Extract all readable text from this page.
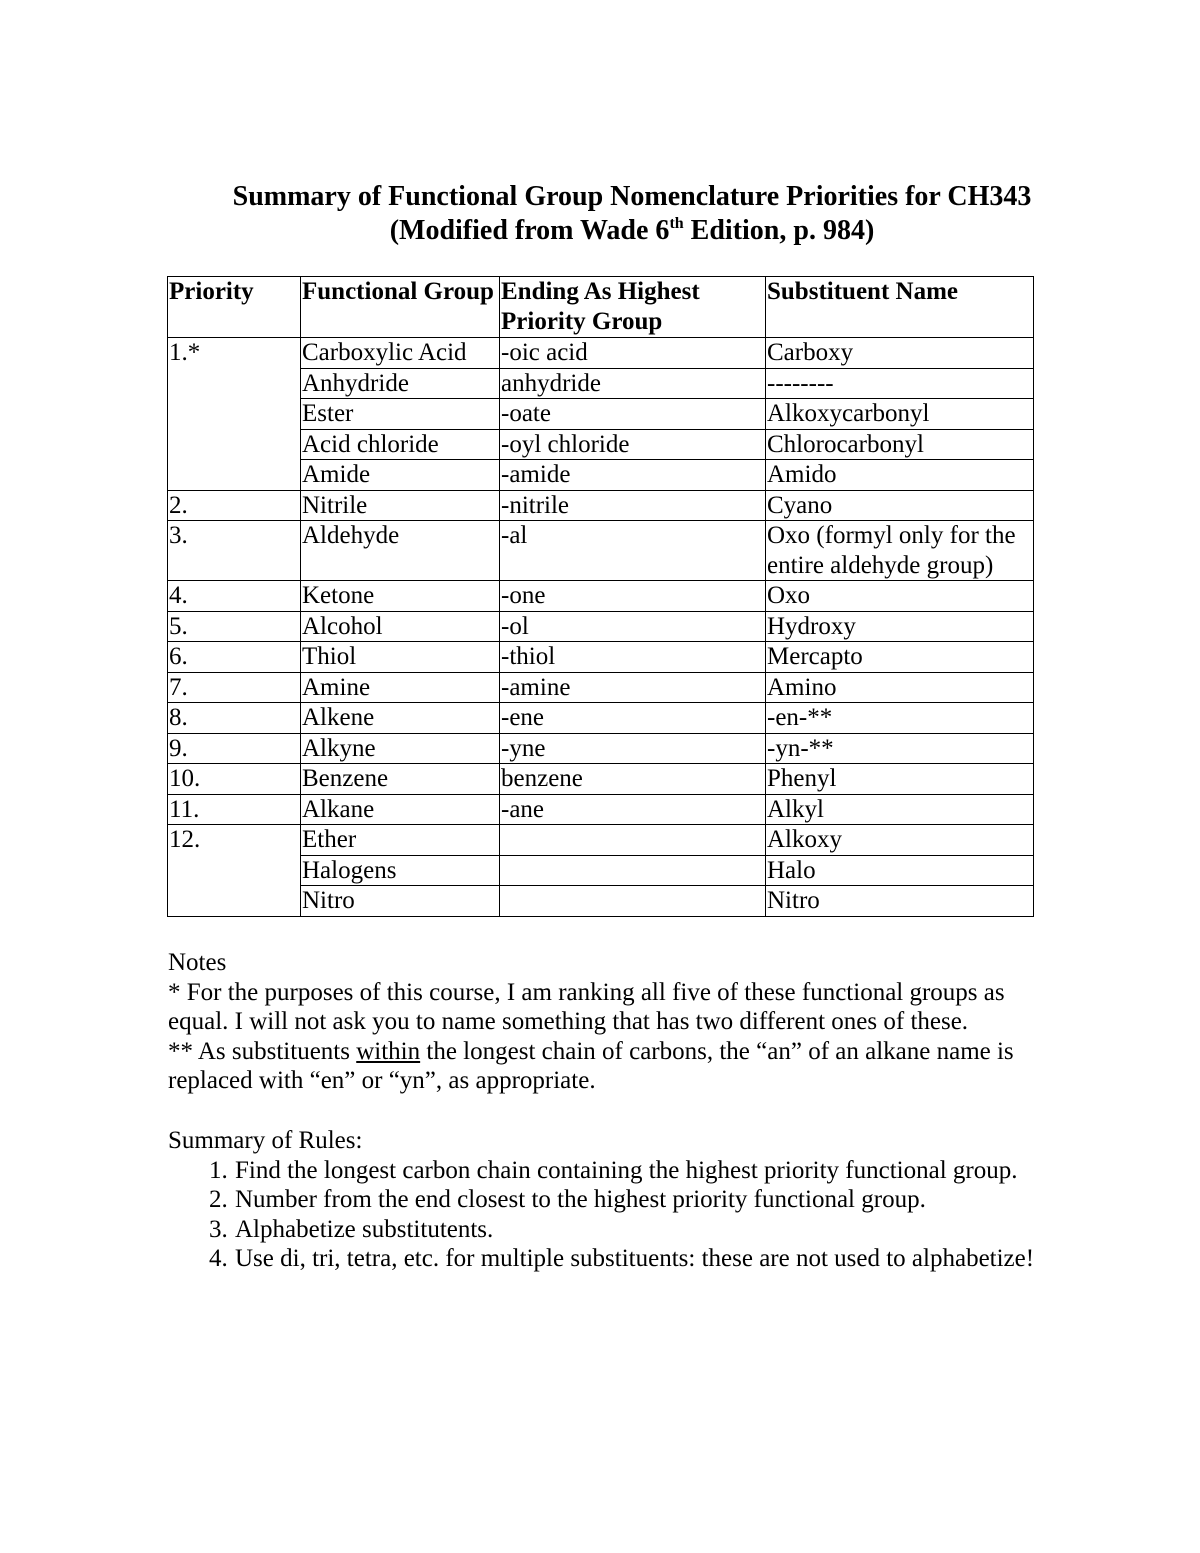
Summary of Functional Group Nomenclature Priorities for CH343
(Modified from Wade 6th Edition, p. 984)
Priority	Functional Group	Ending As Highest Priority Group	Substituent Name
1.*	Carboxylic Acid	-oic acid	Carboxy
	Anhydride	anhydride	--------
	Ester	-oate	Alkoxycarbonyl
	Acid chloride	-oyl chloride	Chlorocarbonyl
	Amide	-amide	Amido
2.	Nitrile	-nitrile	Cyano
3.	Aldehyde	-al	Oxo (formyl only for the entire aldehyde group)
4.	Ketone	-one	Oxo
5.	Alcohol	-ol	Hydroxy
6.	Thiol	-thiol	Mercapto
7.	Amine	-amine	Amino
8.	Alkene	-ene	-en-**
9.	Alkyne	-yne	-yn-**
10.	Benzene	benzene	Phenyl
11.	Alkane	-ane	Alkyl
12.	Ether		Alkoxy
	Halogens		Halo
	Nitro		Nitro

Notes

* For the purposes of this course, I am ranking all five of these functional groups as equal. I will not ask you to name something that has two different ones of these.

** As substituents within the longest chain of carbons, the “an” of an alkane name is replaced with “en” or “yn”, as appropriate.

Summary of Rules:
1. Find the longest carbon chain containing the highest priority functional group.
2. Number from the end closest to the highest priority functional group.
3. Alphabetize substitutents.
4. Use di, tri, tetra, etc. for multiple substituents: these are not used to alphabetize!
